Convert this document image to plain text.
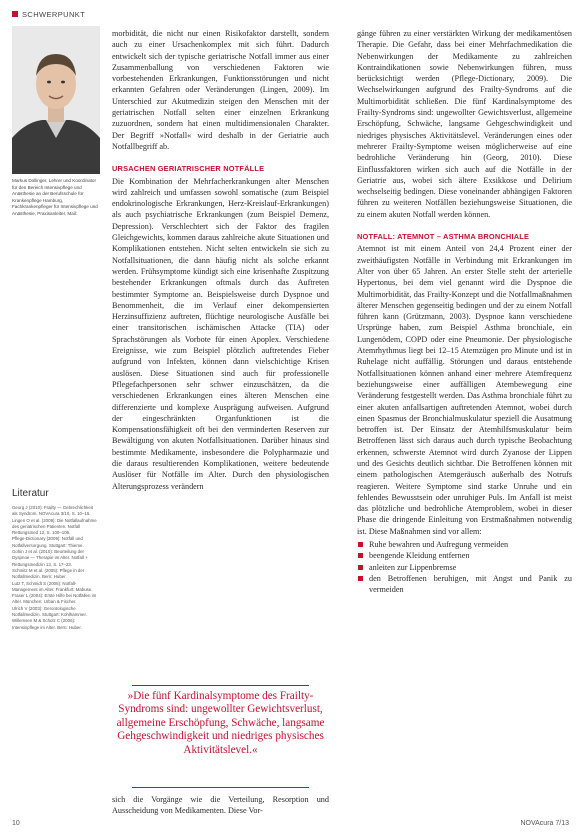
SCHWERPUNKT
Markus Dollinger, Lehrer und Koordinator für den Bereich Intensivpflege und Anästhesie an der Berufsschule für Krankenpflege Hamburg, Fachkrankenpfleger für Intensivpflege und Anästhesie, Praxisanleiter, Mail:
Literatur

Georg J (2010): Frailty — Gebrechlichkeit als Syndrom. NOVAcura 3/10, S. 10–15.

Lingen O et al. (2009): Die Notfallaufnahme des geriatrischen Patienten. Notfall Rettungsmed 12, S. 100–106.

Pflege-Dictionary (2009): Notfall und Notfallversorgung. Stuttgart: Thieme.

Gohin J et al. (2010): Beurteilung der Dyspnoe — Therapie im Alter. Notfall + Rettungsmedizin 13, S. 17–23.

Schmitz M et al. (2005): Pflege in der Notfallmedizin. Bern: Huber.

Lutz T, Schmidt S (2005): Notfall-Management im Alter. Frankfurt: Mabuse.

Fraser L (2004): Erste Hilfe bei Notfällen im Alter. München: Urban & Fischer.

Ulrich V (2003): Gerontologische Notfallmedizin. Stuttgart: Kohlhammer.

Willemsen M & Scholz C (2006): Intensivpflege im Alter. Bern: Huber.

morbidität, die nicht nur einen Risikofaktor darstellt, sondern auch zu einer Ursachenkomplex mit sich führt. Dadurch entwickelt sich der typische geriatrische Notfall immer aus einer Zusammenballung von verschiedenen Faktoren wie vorbestehenden Erkrankungen, Funktionsstörungen und nicht erkannten Gefahren oder Veränderungen (Lingen, 2009). Im Unterschied zur Akutmedizin steigen den Menschen mit der geriatrischen Notfall selten einer einzelnen Erkrankung zuzuordnen, sondern hat einen multidimensionalen Charakter. Der Begriff »Notfall« wird deshalb in der Geriatrie auch Notfallbegriff ab.

URSACHEN GERIATRISCHER NOTFÄLLE

Die Kombination der Mehrfacherkrankungen alter Menschen wird zahlreich und umfassen sowohl somatische (zum Beispiel endokrinologische Erkrankungen, Herz-Kreislauf-Erkrankungen) als auch psychiatrische Erkrankungen (zum Beispiel Demenz, Depression). Verschlechtert sich der Faktor des fragilen Gleichgewichts, kommen daraus zahlreiche akute Situationen und Komplikationen entstehen. Nicht selten entwickeln sie sich zu Notfallsituationen, die dann häufig nicht als solche erkannt werden. Frühsymptome kündigt sich eine krisenhafte Zuspitzung bestehender Erkrankungen oftmals durch das Auftreten bestimmter Symptome an. Beispielsweise durch Dyspnoe und Benommenheit, die im Verlauf einer dekompensierten Herzinsuffizienz auftreten, flüchtige neurologische Ausfälle bei einer transitorischen ischämischen Attacke (TIA) oder Sprachstörungen als Vorbote für einen Apoplex. Verschiedene Ereignisse, wie zum Beispiel plötzlich auftretendes Fieber aufgrund von Infekten, können dann vielschichtige Krisen auslösen. Diese Situationen sind auch für professionelle Pflegefachpersonen sehr schwer einzuschätzen, da die verschiedenen Erkrankungen eines älteren Menschen eine differenzierte und komplexe Ausprägung aufweisen. Aufgrund der eingeschränkten Organfunktionen ist die Kompensationsfähigkeit oft bei den verminderten Reserven zur Bewältigung von akuten Notfallsituationen. Darüber hinaus sind bestimmte Medikamente, insbesondere die Polypharmazie und die daraus resultierenden Komplikationen, weitere bedeutende Auslöser für Notfälle im Alter. Durch den physiologischen Alterungsprozess verändern

»Die fünf Kardinalsymptome des Frailty-Syndroms sind: ungewollter Gewichtsverlust, allgemeine Erschöpfung, Schwäche, langsame Gehgeschwindigkeit und niedriges physisches Aktivitätslevel.«
sich die Vorgänge wie die Verteilung, Resorption und Ausscheidung von Medikamenten. Diese Vor-

gänge führen zu einer verstärkten Wirkung der medikamentösen Therapie. Die Gefahr, dass bei einer Mehrfachmedikation die Nebenwirkungen der Medikamente zu zahlreichen Kontraindikationen sowie Nebenwirkungen führen, muss berücksichtigt werden (Pflege-Dictionary, 2009). Die Wechselwirkungen aufgrund des Frailty-Syndroms auf die Multimorbidität schließen. Die fünf Kardinalsymptome des Frailty-Syndroms sind: ungewollter Gewichtsverlust, allgemeine Erschöpfung, Schwäche, langsame Gehgeschwindigkeit und niedriges physisches Aktivitätslevel. Veränderungen eines oder mehrerer Frailty-Symptome weisen möglicherweise auf eine bedrohliche Veränderung hin (Georg, 2010). Diese Einflussfaktoren wirken sich auch auf die Notfälle in der Geriatrie aus, wobei sich ältere Exsikkose und Delirium wechselseitig bedingen. Diese voneinander abhängigen Faktoren führen zu weiteren Notfällen beziehungsweise Situationen, die zu einem akuten Notfall werden können.

NOTFALL: ATEMNOT – ASTHMA BRONCHIALE

Atemnot ist mit einem Anteil von 24,4 Prozent einer der zweithäufigsten Notfälle in Verbindung mit Erkrankungen im Alter von über 65 Jahren. An erster Stelle steht der arterielle Hypertonus, bei dem viel genannt wird die Dyspnoe die Multimorbidität, das Frailty-Konzept und die Notfallmaßnahmen älterer Menschen gegenseitig bedingen und der zu einem Notfall führen kann (Grützmann, 2003). Dyspnoe kann verschiedene Ursprünge haben, zum Beispiel Asthma bronchiale, ein Lungenödem, COPD oder eine Pneumonie. Der physiologische Atemrhythmus liegt bei 12–15 Atemzügen pro Minute und ist in Ruhelage nicht auffällig. Störungen und daraus entstehende Notfallsituationen können anhand einer mehrere Atemfrequenz beziehungsweise einer auffälligen Atembewegung eine Veränderung festgestellt werden. Das Asthma bronchiale führt zu einer akuten anfallsartigen auftretenden Atemnot, wobei durch einen Spasmus der Bronchialmuskulatur speziell die Ausatmung betroffen ist. Der Einsatz der Atemhilfsmuskulatur beim Betroffenen lässt sich daraus auch durch typische Beobachtung erkennen, schwerste Atemnot wird durch Zyanose der Lippen und des Gesichts deutlich sichtbar. Die Betroffenen können mit einem pathologischen Atemgeräusch außerhalb des Notrufs reagieren. Weitere Symptome sind starke Unruhe und ein fehlendes Bewusstsein oder unruhiger Puls. Im Anfall ist meist das plötzliche und bedrohliche Atemproblem, wobei in dieser Phase die dringende Einleitung von Erstmaßnahmen notwendig ist. Diese Maßnahmen sind vor allem:

Ruhe bewahren und Aufregung vermeiden
beengende Kleidung entfernen
anleiten zur Lippenbremse
den Betroffenen beruhigen, mit Angst und Panik zu vermeiden
10	NOVAcura 7/13
